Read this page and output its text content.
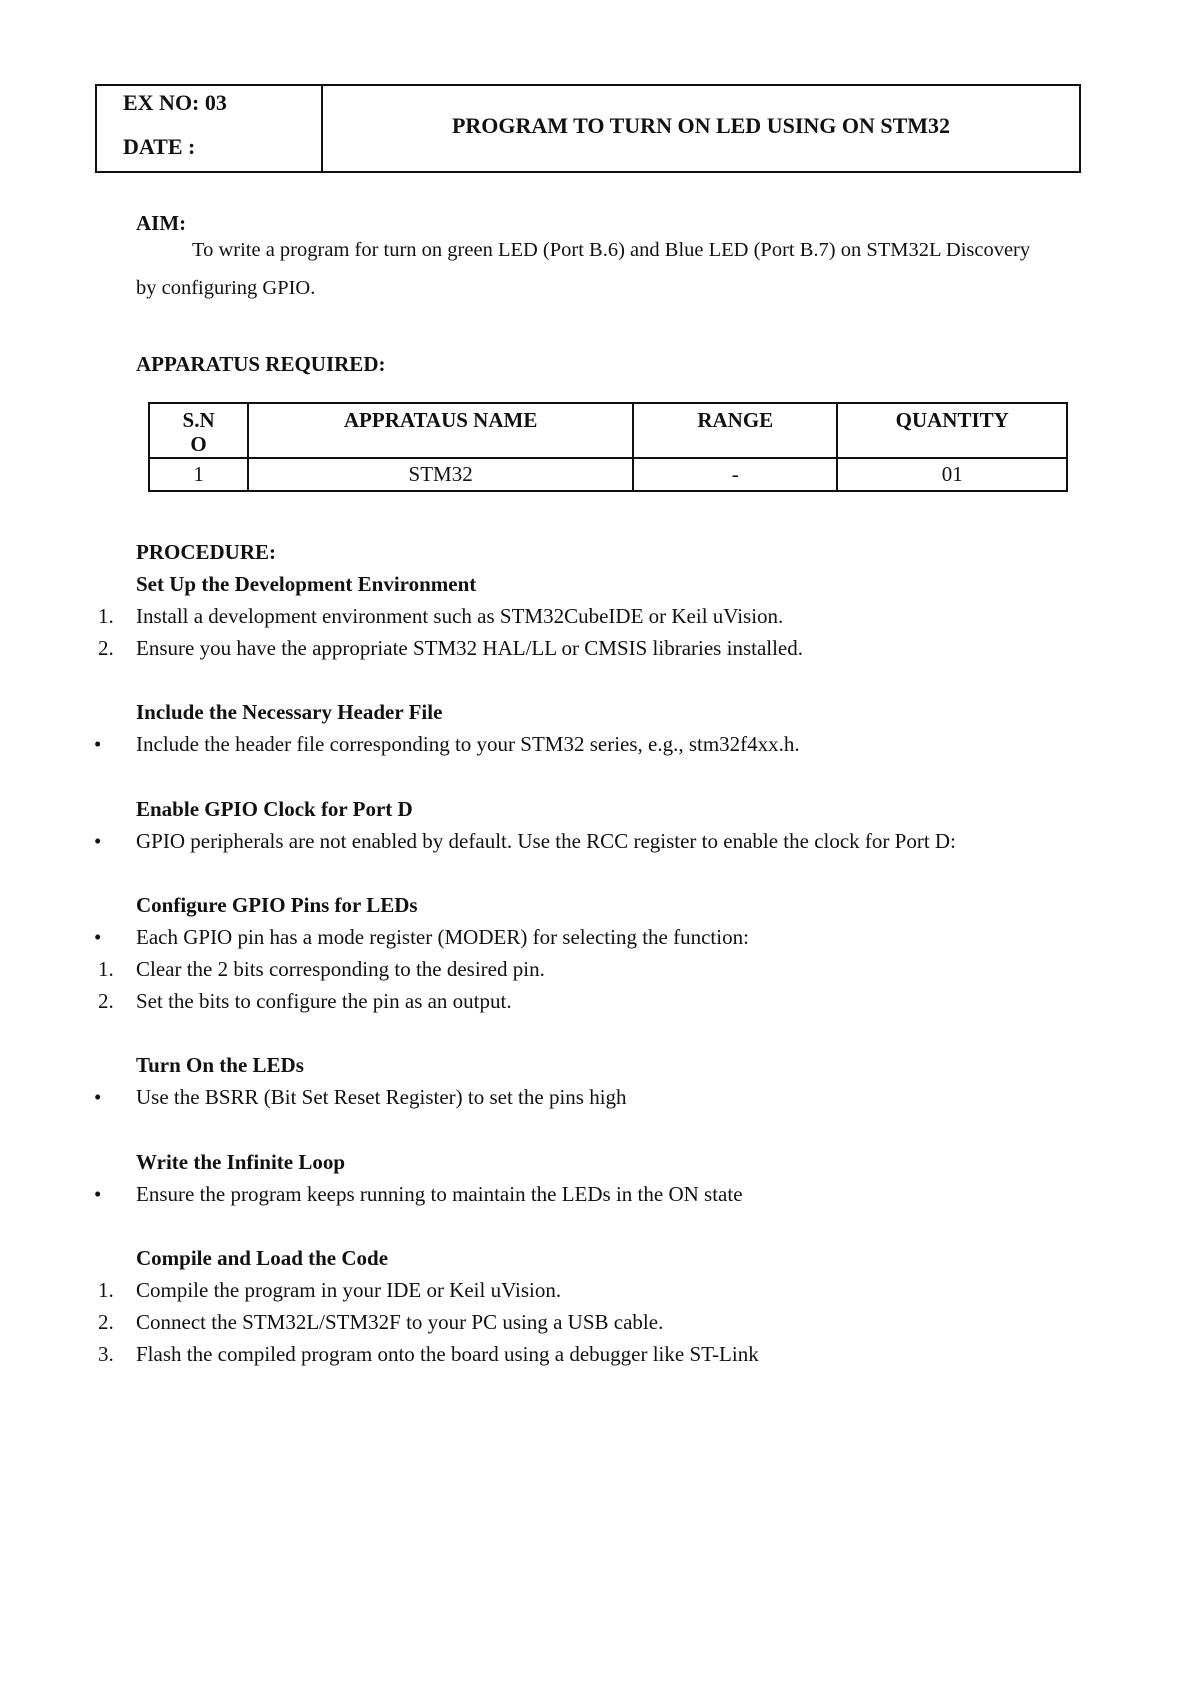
EX NO: 03
DATE :
PROGRAM TO TURN ON LED USING ON STM32
AIM:
To write a program for turn on green LED (Port B.6) and Blue LED (Port B.7) on STM32L Discovery
by configuring GPIO.
APPARATUS REQUIRED:
S.N
O	APPRATAUS NAME	RANGE	QUANTITY
1	STM32	-	01
PROCEDURE:
Set Up the Development Environment
1. Install a development environment such as STM32CubeIDE or Keil uVision.
2. Ensure you have the appropriate STM32 HAL/LL or CMSIS libraries installed.
Include the Necessary Header File
• Include the header file corresponding to your STM32 series, e.g., stm32f4xx.h.
Enable GPIO Clock for Port D
• GPIO peripherals are not enabled by default. Use the RCC register to enable the clock for Port D:
Configure GPIO Pins for LEDs
• Each GPIO pin has a mode register (MODER) for selecting the function:
1. Clear the 2 bits corresponding to the desired pin.
2. Set the bits to configure the pin as an output.
Turn On the LEDs
• Use the BSRR (Bit Set Reset Register) to set the pins high
Write the Infinite Loop
• Ensure the program keeps running to maintain the LEDs in the ON state
Compile and Load the Code
1. Compile the program in your IDE or Keil uVision.
2. Connect the STM32L/STM32F to your PC using a USB cable.
3. Flash the compiled program onto the board using a debugger like ST-Link
